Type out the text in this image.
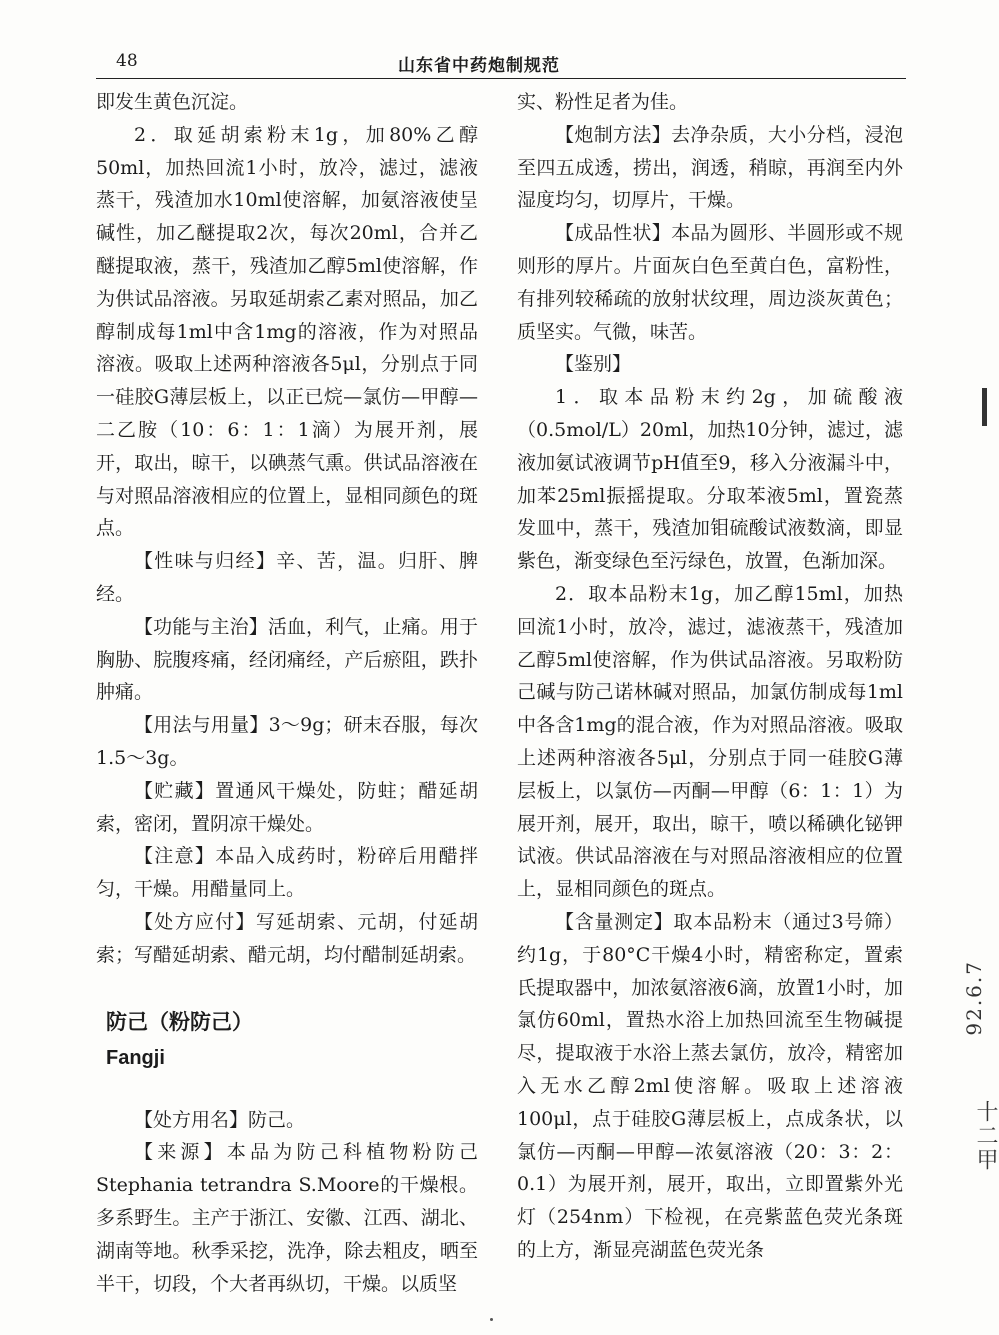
48	山东省中药炮制规范

即发生黄色沉淀。

2．取延胡索粉末1g，加80%乙醇50ml，加热回流1小时，放冷，滤过，滤液蒸干，残渣加水10ml使溶解，加氨溶液使呈碱性，加乙醚提取2次，每次20ml，合并乙醚提取液，蒸干，残渣加乙醇5ml使溶解，作为供试品溶液。另取延胡索乙素对照品，加乙醇制成每1ml中含1mg的溶液，作为对照品溶液。吸取上述两种溶液各5μl，分别点于同一硅胶G薄层板上，以正已烷—氯仿—甲醇—二乙胺（10：6：1：1滴）为展开剂，展开，取出，晾干，以碘蒸气熏。供试品溶液在与对照品溶液相应的位置上，显相同颜色的斑点。

【性味与归经】辛、苦，温。归肝、脾经。

【功能与主治】活血，利气，止痛。用于胸胁、脘腹疼痛，经闭痛经，产后瘀阻，跌扑肿痛。

【用法与用量】3～9g；研末吞服，每次1.5～3g。

【贮藏】置通风干燥处，防蛀；醋延胡索，密闭，置阴凉干燥处。

【注意】本品入成药时，粉碎后用醋拌匀，干燥。用醋量同上。

【处方应付】写延胡索、元胡，付延胡索；写醋延胡索、醋元胡，均付醋制延胡索。

防己（粉防己）

Fangji

【处方用名】防己。

【来源】本品为防己科植物粉防己Stephania tetrandra S.Moore的干燥根。多系野生。主产于浙江、安徽、江西、湖北、湖南等地。秋季采挖，洗净，除去粗皮，晒至半干，切段，个大者再纵切，干燥。以质坚

实、粉性足者为佳。

【炮制方法】去净杂质，大小分档，浸泡至四五成透，捞出，润透，稍晾，再润至内外湿度均匀，切厚片，干燥。

【成品性状】本品为圆形、半圆形或不规则形的厚片。片面灰白色至黄白色，富粉性，有排列较稀疏的放射状纹理，周边淡灰黄色；质坚实。气微，味苦。

【鉴别】

1．取本品粉末约2g，加硫酸液（0.5mol/L）20ml，加热10分钟，滤过，滤液加氨试液调节pH值至9，移入分液漏斗中，加苯25ml振摇提取。分取苯液5ml，置瓷蒸发皿中，蒸干，残渣加钼硫酸试液数滴，即显紫色，渐变绿色至污绿色，放置，色渐加深。

2．取本品粉末1g，加乙醇15ml，加热回流1小时，放冷，滤过，滤液蒸干，残渣加乙醇5ml使溶解，作为供试品溶液。另取粉防己碱与防己诺林碱对照品，加氯仿制成每1ml中各含1mg的混合液，作为对照品溶液。吸取上述两种溶液各5μl，分别点于同一硅胶G薄层板上，以氯仿—丙酮—甲醇（6：1：1）为展开剂，展开，取出，晾干，喷以稀碘化铋钾试液。供试品溶液在与对照品溶液相应的位置上，显相同颜色的斑点。

【含量测定】取本品粉末（通过3号筛）约1g，于80°C干燥4小时，精密称定，置索氏提取器中，加浓氨溶液6滴，放置1小时，加氯仿60ml，置热水浴上加热回流至生物碱提尽，提取液于水浴上蒸去氯仿，放冷，精密加入无水乙醇2ml使溶解。吸取上述溶液100μl，点于硅胶G薄层板上，点成条状，以氯仿—丙酮—甲醇—浓氨溶液（20：3：2：0.1）为展开剂，展开，取出，立即置紫外光灯（254nm）下检视，在亮紫蓝色荧光条斑的上方，渐显亮湖蓝色荧光条

92.6.7
十二甲
